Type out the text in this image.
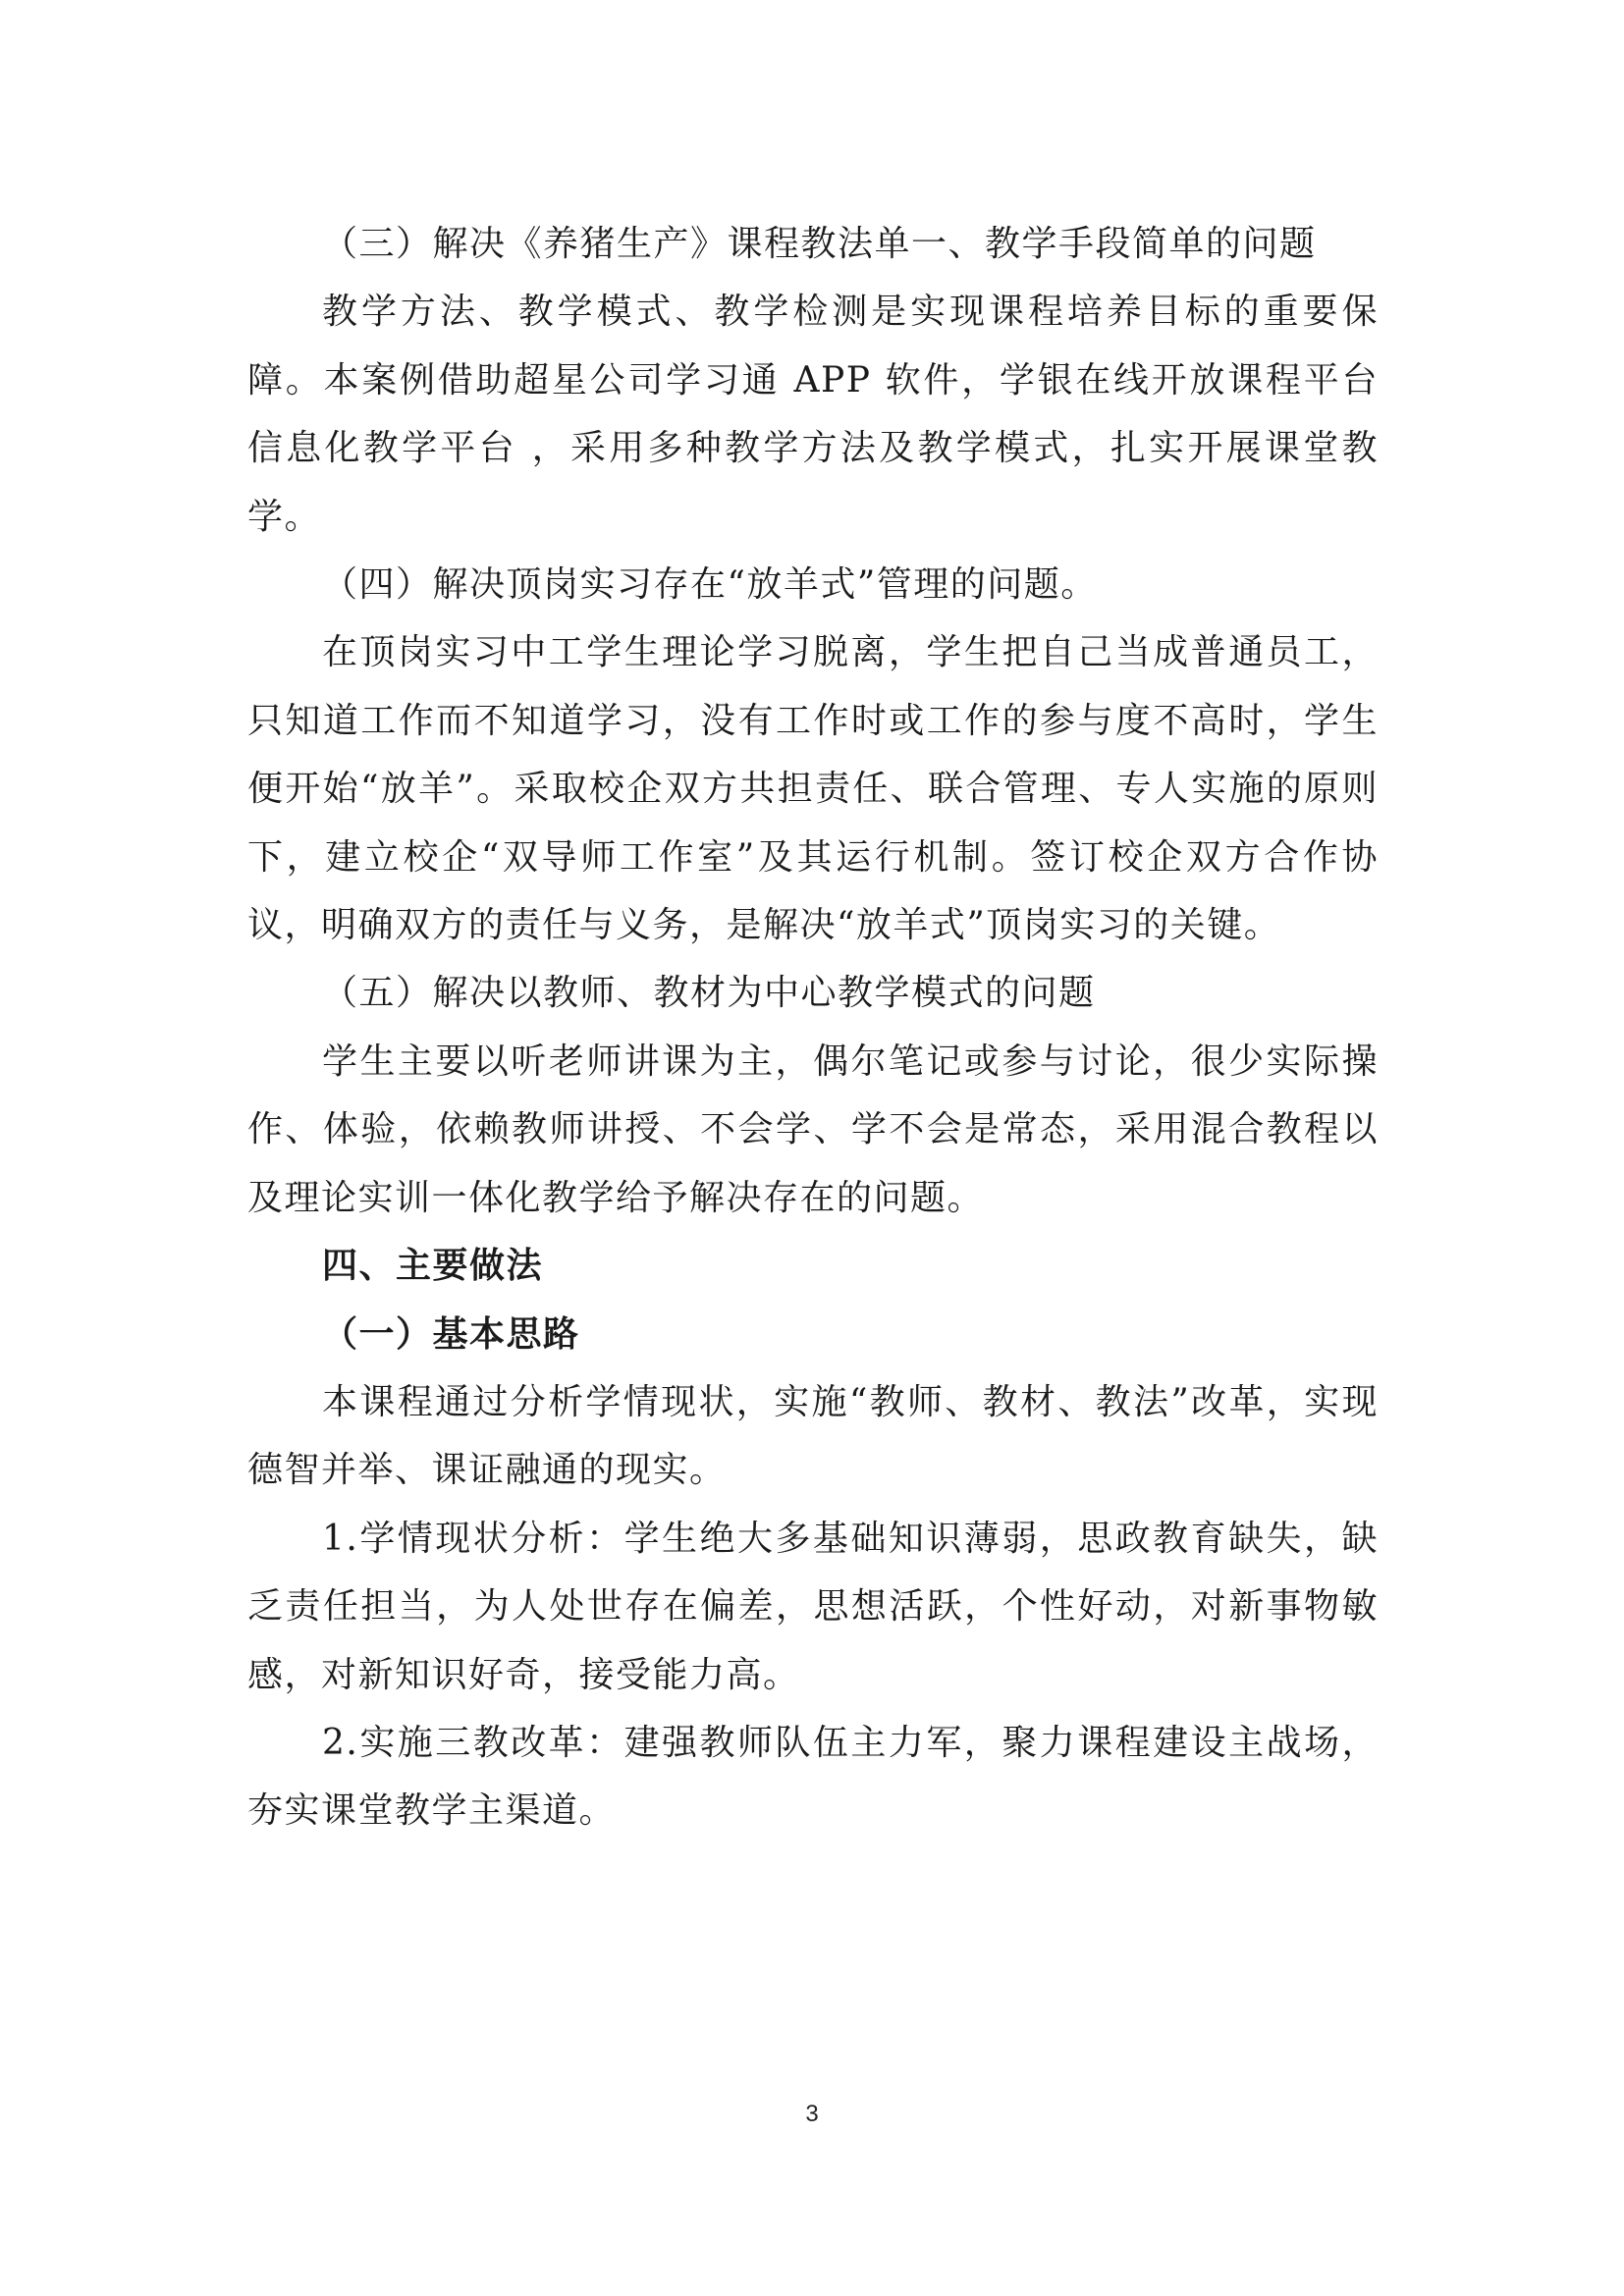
（三）解决《养猪生产》课程教法单一、教学手段简单的问题

教学方法、教学模式、教学检测是实现课程培养目标的重要保障。本案例借助超星公司学习通 APP 软件，学银在线开放课程平台信息化教学平台 ，采用多种教学方法及教学模式，扎实开展课堂教学。

（四）解决顶岗实习存在“放羊式”管理的问题。

在顶岗实习中工学生理论学习脱离，学生把自己当成普通员工，只知道工作而不知道学习，没有工作时或工作的参与度不高时，学生便开始“放羊”。采取校企双方共担责任、联合管理、专人实施的原则下，建立校企“双导师工作室”及其运行机制。签订校企双方合作协议，明确双方的责任与义务，是解决“放羊式”顶岗实习的关键。

（五）解决以教师、教材为中心教学模式的问题

学生主要以听老师讲课为主，偶尔笔记或参与讨论，很少实际操作、体验，依赖教师讲授、不会学、学不会是常态，采用混合教程以及理论实训一体化教学给予解决存在的问题。

四、主要做法

（一）基本思路

本课程通过分析学情现状，实施“教师、教材、教法”改革，实现德智并举、课证融通的现实。

1.学情现状分析：学生绝大多基础知识薄弱，思政教育缺失，缺乏责任担当，为人处世存在偏差，思想活跃，个性好动，对新事物敏感，对新知识好奇，接受能力高。

2.实施三教改革：建强教师队伍主力军，聚力课程建设主战场，夯实课堂教学主渠道。

3
